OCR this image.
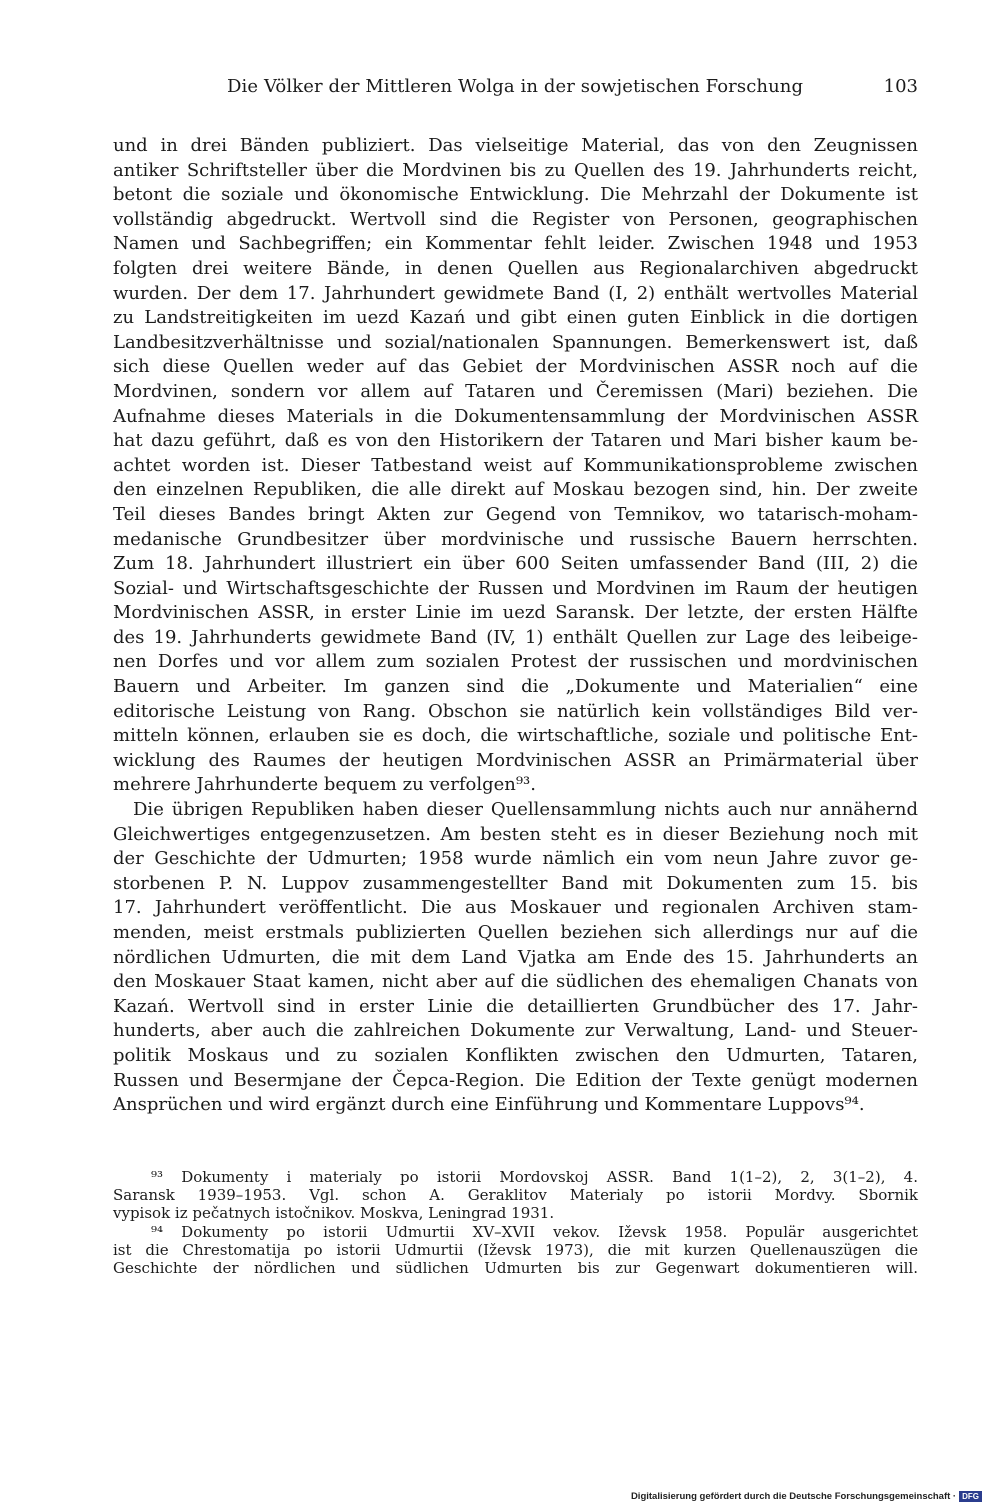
Die Völker der Mittleren Wolga in der sowjetischen Forschung	103
und in drei Bänden publiziert. Das vielseitige Material, das von den Zeugnissen
antiker Schriftsteller über die Mordvinen bis zu Quellen des 19. Jahrhunderts reicht,
betont die soziale und ökonomische Entwicklung. Die Mehrzahl der Dokumente ist
vollständig abgedruckt. Wertvoll sind die Register von Personen, geographischen
Namen und Sachbegriffen; ein Kommentar fehlt leider. Zwischen 1948 und 1953
folgten drei weitere Bände, in denen Quellen aus Regionalarchiven abgedruckt
wurden. Der dem 17. Jahrhundert gewidmete Band (I, 2) enthält wertvolles Material
zu Landstreitigkeiten im uezd Kazań und gibt einen guten Einblick in die dortigen
Landbesitzverhältnisse und sozial/nationalen Spannungen. Bemerkenswert ist, daß
sich diese Quellen weder auf das Gebiet der Mordvinischen ASSR noch auf die
Mordvinen, sondern vor allem auf Tataren und Čeremissen (Mari) beziehen. Die
Aufnahme dieses Materials in die Dokumentensammlung der Mordvinischen ASSR
hat dazu geführt, daß es von den Historikern der Tataren und Mari bisher kaum be-
achtet worden ist. Dieser Tatbestand weist auf Kommunikationsprobleme zwischen
den einzelnen Republiken, die alle direkt auf Moskau bezogen sind, hin. Der zweite
Teil dieses Bandes bringt Akten zur Gegend von Temnikov, wo tatarisch-moham-
medanische Grundbesitzer über mordvinische und russische Bauern herrschten.
Zum 18. Jahrhundert illustriert ein über 600 Seiten umfassender Band (III, 2) die
Sozial- und Wirtschaftsgeschichte der Russen und Mordvinen im Raum der heutigen
Mordvinischen ASSR, in erster Linie im uezd Saransk. Der letzte, der ersten Hälfte
des 19. Jahrhunderts gewidmete Band (IV, 1) enthält Quellen zur Lage des leibeige-
nen Dorfes und vor allem zum sozialen Protest der russischen und mordvinischen
Bauern und Arbeiter. Im ganzen sind die „Dokumente und Materialien“ eine
editorische Leistung von Rang. Obschon sie natürlich kein vollständiges Bild ver-
mitteln können, erlauben sie es doch, die wirtschaftliche, soziale und politische Ent-
wicklung des Raumes der heutigen Mordvinischen ASSR an Primärmaterial über
mehrere Jahrhunderte bequem zu verfolgen⁹³.
Die übrigen Republiken haben dieser Quellensammlung nichts auch nur annähernd
Gleichwertiges entgegenzusetzen. Am besten steht es in dieser Beziehung noch mit
der Geschichte der Udmurten; 1958 wurde nämlich ein vom neun Jahre zuvor ge-
storbenen P. N. Luppov zusammengestellter Band mit Dokumenten zum 15. bis
17. Jahrhundert veröffentlicht. Die aus Moskauer und regionalen Archiven stam-
menden, meist erstmals publizierten Quellen beziehen sich allerdings nur auf die
nördlichen Udmurten, die mit dem Land Vjatka am Ende des 15. Jahrhunderts an
den Moskauer Staat kamen, nicht aber auf die südlichen des ehemaligen Chanats von
Kazań. Wertvoll sind in erster Linie die detaillierten Grundbücher des 17. Jahr-
hunderts, aber auch die zahlreichen Dokumente zur Verwaltung, Land- und Steuer-
politik Moskaus und zu sozialen Konflikten zwischen den Udmurten, Tataren,
Russen und Besermjane der Čepca-Region. Die Edition der Texte genügt modernen
Ansprüchen und wird ergänzt durch eine Einführung und Kommentare Luppovs⁹⁴.
⁹³ Dokumenty i materialy po istorii Mordovskoj ASSR. Band 1(1–2), 2, 3(1–2), 4.
Saransk 1939–1953. Vgl. schon A. Geraklitov Materialy po istorii Mordvy. Sbornik
vypisok iz pečatnych istočnikov. Moskva, Leningrad 1931.
⁹⁴ Dokumenty po istorii Udmurtii XV–XVII vekov. Iževsk 1958. Populär ausgerichtet
ist die Chrestomatija po istorii Udmurtii (Iževsk 1973), die mit kurzen Quellenauszügen die
Geschichte der nördlichen und südlichen Udmurten bis zur Gegenwart dokumentieren will.
Digitalisierung gefördert durch die Deutsche Forschungsgemeinschaft · DFG
